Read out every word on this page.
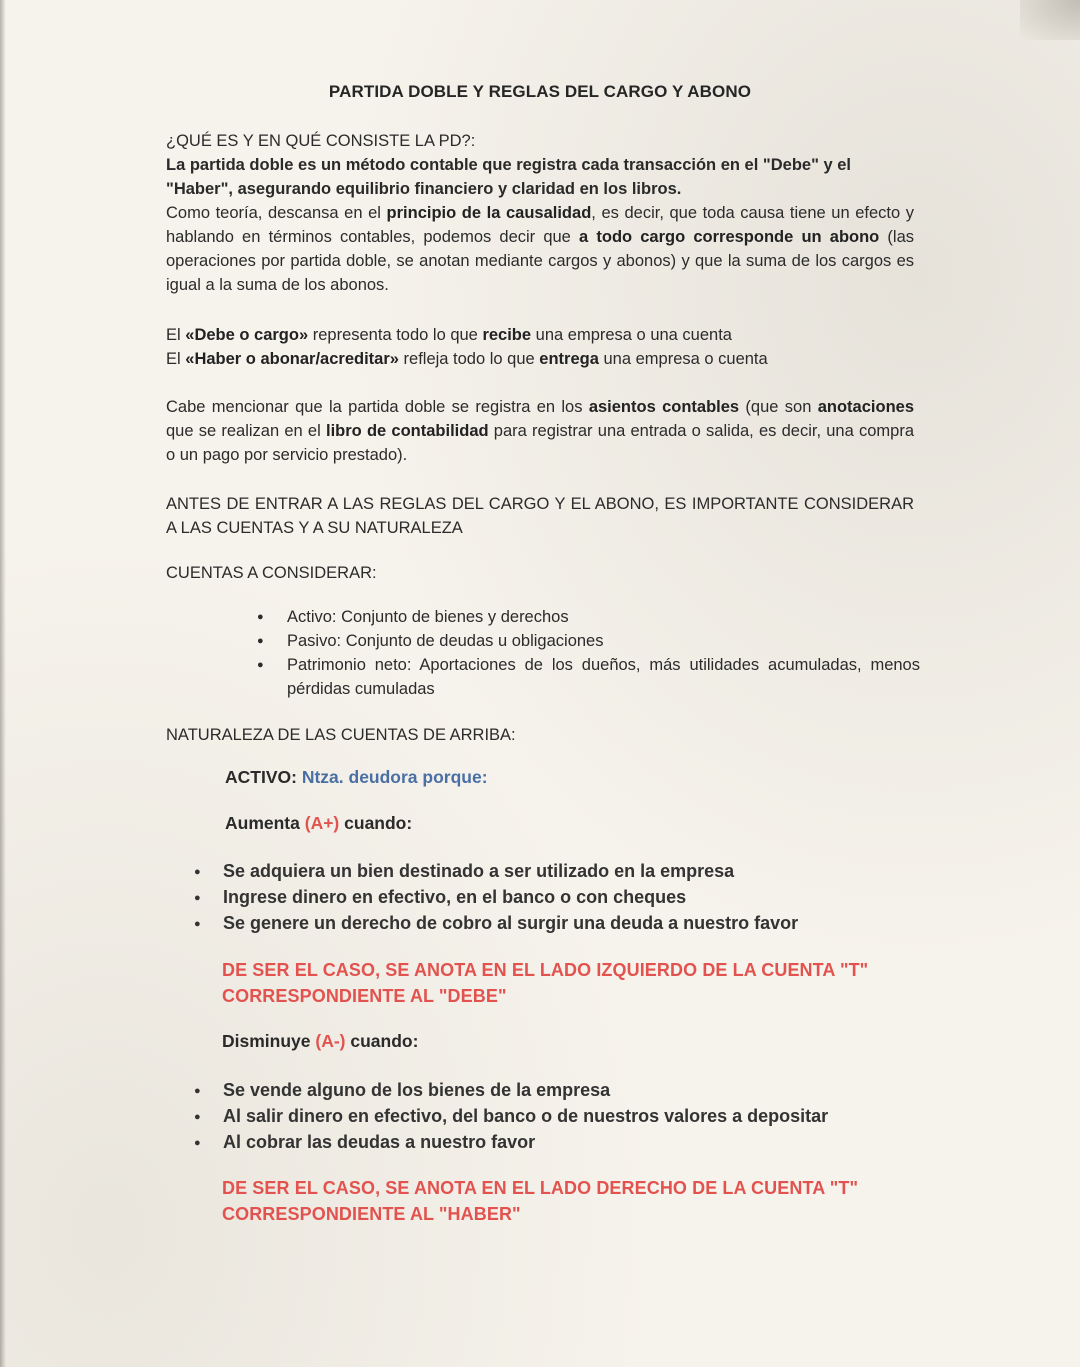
PARTIDA DOBLE Y REGLAS DEL CARGO Y ABONO
¿QUÉ ES Y EN QUÉ CONSISTE LA PD?:
La partida doble es un método contable que registra cada transacción en el "Debe" y el "Haber", asegurando equilibrio financiero y claridad en los libros.
Como teoría, descansa en el principio de la causalidad, es decir, que toda causa tiene un efecto y hablando en términos contables, podemos decir que a todo cargo corresponde un abono (las operaciones por partida doble, se anotan mediante cargos y abonos) y que la suma de los cargos es igual a la suma de los abonos.
El «Debe o cargo» representa todo lo que recibe una empresa o una cuenta
El «Haber o abonar/acreditar» refleja todo lo que entrega una empresa o cuenta
Cabe mencionar que la partida doble se registra en los asientos contables (que son anotaciones que se realizan en el libro de contabilidad para registrar una entrada o salida, es decir, una compra o un pago por servicio prestado).
ANTES DE ENTRAR A LAS REGLAS DEL CARGO Y EL ABONO, ES IMPORTANTE CONSIDERAR A LAS CUENTAS Y A SU NATURALEZA
CUENTAS A CONSIDERAR:
● Activo: Conjunto de bienes y derechos
● Pasivo: Conjunto de deudas u obligaciones
● Patrimonio neto: Aportaciones de los dueños, más utilidades acumuladas, menos pérdidas cumuladas
NATURALEZA DE LAS CUENTAS DE ARRIBA:
ACTIVO: Ntza. deudora porque:
Aumenta (A+) cuando:
● Se adquiera un bien destinado a ser utilizado en la empresa
● Ingrese dinero en efectivo, en el banco o con cheques
● Se genere un derecho de cobro al surgir una deuda a nuestro favor
DE SER EL CASO, SE ANOTA EN EL LADO IZQUIERDO DE LA CUENTA "T" CORRESPONDIENTE AL "DEBE"
Disminuye (A-) cuando:
● Se vende alguno de los bienes de la empresa
● Al salir dinero en efectivo, del banco o de nuestros valores a depositar
● Al cobrar las deudas a nuestro favor
DE SER EL CASO, SE ANOTA EN EL LADO DERECHO DE LA CUENTA "T" CORRESPONDIENTE AL "HABER"
